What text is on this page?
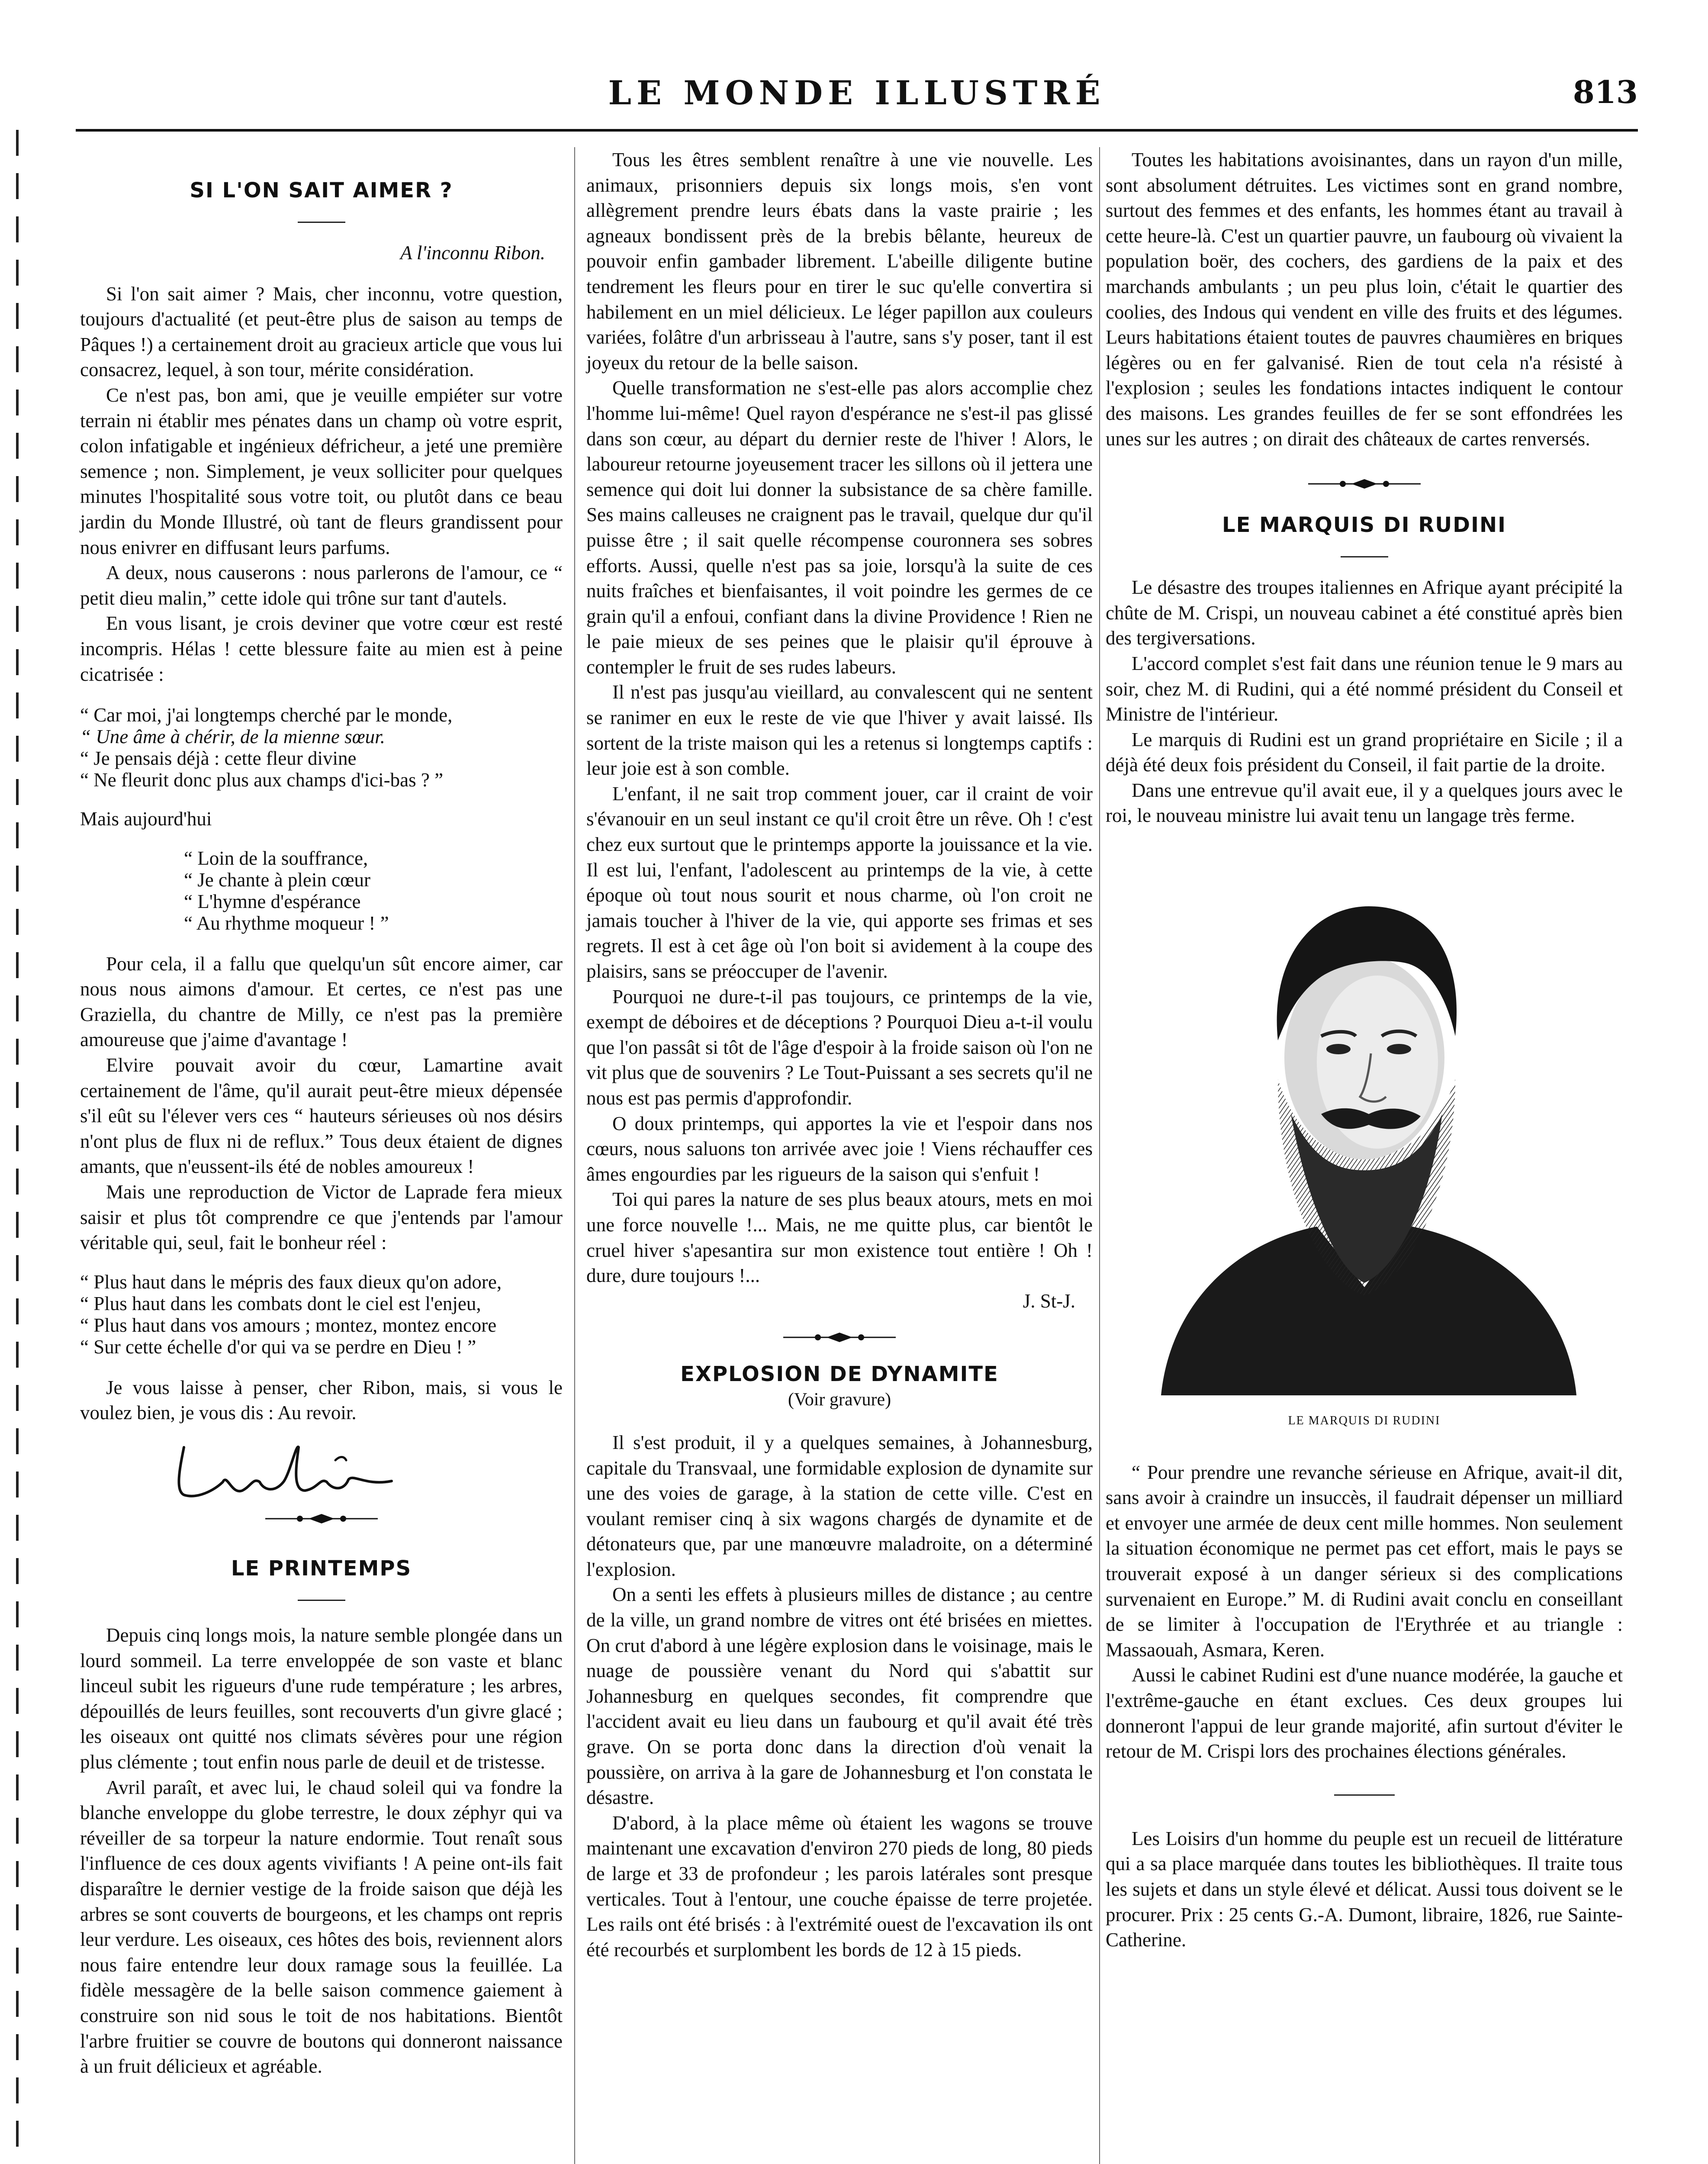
LE MONDE ILLUSTRÉ	813
SI L'ON SAIT AIMER ?
A l'inconnu Ribon.

Si l'on sait aimer ? Mais, cher inconnu, votre question, toujours d'actualité (et peut-être plus de saison au temps de Pâques !) a certainement droit au gracieux article que vous lui consacrez, lequel, à son tour, mérite considération.

Ce n'est pas, bon ami, que je veuille empiéter sur votre terrain ni établir mes pénates dans un champ où votre esprit, colon infatigable et ingénieux défricheur, a jeté une première semence ; non. Simplement, je veux solliciter pour quelques minutes l'hospitalité sous votre toit, ou plutôt dans ce beau jardin du Monde Illustré, où tant de fleurs grandissent pour nous enivrer en diffusant leurs parfums.

A deux, nous causerons : nous parlerons de l'amour, ce “ petit dieu malin,” cette idole qui trône sur tant d'autels.

En vous lisant, je crois deviner que votre cœur est resté incompris. Hélas ! cette blessure faite au mien est à peine cicatrisée :

“ Car moi, j'ai longtemps cherché par le monde,

“ Une âme à chérir, de la mienne sœur.

“ Je pensais déjà : cette fleur divine

“ Ne fleurit donc plus aux champs d'ici-bas ? ”

Mais aujourd'hui

“ Loin de la souffrance,

“ Je chante à plein cœur

“ L'hymne d'espérance

“ Au rhythme moqueur ! ”

Pour cela, il a fallu que quelqu'un sût encore aimer, car nous nous aimons d'amour. Et certes, ce n'est pas une Graziella, du chantre de Milly, ce n'est pas la première amoureuse que j'aime d'avantage !

Elvire pouvait avoir du cœur, Lamartine avait certainement de l'âme, qu'il aurait peut-être mieux dépensée s'il eût su l'élever vers ces “ hauteurs sérieuses où nos désirs n'ont plus de flux ni de reflux.” Tous deux étaient de dignes amants, que n'eussent-ils été de nobles amoureux !

Mais une reproduction de Victor de Laprade fera mieux saisir et plus tôt comprendre ce que j'entends par l'amour véritable qui, seul, fait le bonheur réel :

“ Plus haut dans le mépris des faux dieux qu'on adore,

“ Plus haut dans les combats dont le ciel est l'enjeu,

“ Plus haut dans vos amours ; montez, montez encore

“ Sur cette échelle d'or qui va se perdre en Dieu ! ”

Je vous laisse à penser, cher Ribon, mais, si vous le voulez bien, je vous dis : Au revoir.

LE PRINTEMPS

Depuis cinq longs mois, la nature semble plongée dans un lourd sommeil. La terre enveloppée de son vaste et blanc linceul subit les rigueurs d'une rude température ; les arbres, dépouillés de leurs feuilles, sont recouverts d'un givre glacé ; les oiseaux ont quitté nos climats sévères pour une région plus clémente ; tout enfin nous parle de deuil et de tristesse.

Avril paraît, et avec lui, le chaud soleil qui va fondre la blanche enveloppe du globe terrestre, le doux zéphyr qui va réveiller de sa torpeur la nature endormie. Tout renaît sous l'influence de ces doux agents vivifiants ! A peine ont-ils fait disparaître le dernier vestige de la froide saison que déjà les arbres se sont couverts de bourgeons, et les champs ont repris leur verdure. Les oiseaux, ces hôtes des bois, reviennent alors nous faire entendre leur doux ramage sous la feuillée. La fidèle messagère de la belle saison commence gaiement à construire son nid sous le toit de nos habitations. Bientôt l'arbre fruitier se couvre de boutons qui donneront naissance à un fruit délicieux et agréable.

Tous les êtres semblent renaître à une vie nouvelle. Les animaux, prisonniers depuis six longs mois, s'en vont allègrement prendre leurs ébats dans la vaste prairie ; les agneaux bondissent près de la brebis bêlante, heureux de pouvoir enfin gambader librement. L'abeille diligente butine tendrement les fleurs pour en tirer le suc qu'elle convertira si habilement en un miel délicieux. Le léger papillon aux couleurs variées, folâtre d'un arbrisseau à l'autre, sans s'y poser, tant il est joyeux du retour de la belle saison.

Quelle transformation ne s'est-elle pas alors accomplie chez l'homme lui-même! Quel rayon d'espérance ne s'est-il pas glissé dans son cœur, au départ du dernier reste de l'hiver ! Alors, le laboureur retourne joyeusement tracer les sillons où il jettera une semence qui doit lui donner la subsistance de sa chère famille. Ses mains calleuses ne craignent pas le travail, quelque dur qu'il puisse être ; il sait quelle récompense couronnera ses sobres efforts. Aussi, quelle n'est pas sa joie, lorsqu'à la suite de ces nuits fraîches et bienfaisantes, il voit poindre les germes de ce grain qu'il a enfoui, confiant dans la divine Providence ! Rien ne le paie mieux de ses peines que le plaisir qu'il éprouve à contempler le fruit de ses rudes labeurs.

Il n'est pas jusqu'au vieillard, au convalescent qui ne sentent se ranimer en eux le reste de vie que l'hiver y avait laissé. Ils sortent de la triste maison qui les a retenus si longtemps captifs : leur joie est à son comble.

L'enfant, il ne sait trop comment jouer, car il craint de voir s'évanouir en un seul instant ce qu'il croit être un rêve. Oh ! c'est chez eux surtout que le printemps apporte la jouissance et la vie. Il est lui, l'enfant, l'adolescent au printemps de la vie, à cette époque où tout nous sourit et nous charme, où l'on croit ne jamais toucher à l'hiver de la vie, qui apporte ses frimas et ses regrets. Il est à cet âge où l'on boit si avidement à la coupe des plaisirs, sans se préoccuper de l'avenir.

Pourquoi ne dure-t-il pas toujours, ce printemps de la vie, exempt de déboires et de déceptions ? Pourquoi Dieu a-t-il voulu que l'on passât si tôt de l'âge d'espoir à la froide saison où l'on ne vit plus que de souvenirs ? Le Tout-Puissant a ses secrets qu'il ne nous est pas permis d'approfondir.

O doux printemps, qui apportes la vie et l'espoir dans nos cœurs, nous saluons ton arrivée avec joie ! Viens réchauffer ces âmes engourdies par les rigueurs de la saison qui s'enfuit !

Toi qui pares la nature de ses plus beaux atours, mets en moi une force nouvelle !... Mais, ne me quitte plus, car bientôt le cruel hiver s'apesantira sur mon existence tout entière ! Oh ! dure, dure toujours !...

J. St-J.

EXPLOSION DE DYNAMITE
(Voir gravure)

Il s'est produit, il y a quelques semaines, à Johannesburg, capitale du Transvaal, une formidable explosion de dynamite sur une des voies de garage, à la station de cette ville. C'est en voulant remiser cinq à six wagons chargés de dynamite et de détonateurs que, par une manœuvre maladroite, on a déterminé l'explosion.

On a senti les effets à plusieurs milles de distance ; au centre de la ville, un grand nombre de vitres ont été brisées en miettes. On crut d'abord à une légère explosion dans le voisinage, mais le nuage de poussière venant du Nord qui s'abattit sur Johannesburg en quelques secondes, fit comprendre que l'accident avait eu lieu dans un faubourg et qu'il avait été très grave. On se porta donc dans la direction d'où venait la poussière, on arriva à la gare de Johannesburg et l'on constata le désastre.

D'abord, à la place même où étaient les wagons se trouve maintenant une excavation d'environ 270 pieds de long, 80 pieds de large et 33 de profondeur ; les parois latérales sont presque verticales. Tout à l'entour, une couche épaisse de terre projetée. Les rails ont été brisés : à l'extrémité ouest de l'excavation ils ont été recourbés et surplombent les bords de 12 à 15 pieds.

Toutes les habitations avoisinantes, dans un rayon d'un mille, sont absolument détruites. Les victimes sont en grand nombre, surtout des femmes et des enfants, les hommes étant au travail à cette heure-là. C'est un quartier pauvre, un faubourg où vivaient la population boër, des cochers, des gardiens de la paix et des marchands ambulants ; un peu plus loin, c'était le quartier des coolies, des Indous qui vendent en ville des fruits et des légumes. Leurs habitations étaient toutes de pauvres chaumières en briques légères ou en fer galvanisé. Rien de tout cela n'a résisté à l'explosion ; seules les fondations intactes indiquent le contour des maisons. Les grandes feuilles de fer se sont effondrées les unes sur les autres ; on dirait des châteaux de cartes renversés.

LE MARQUIS DI RUDINI

Le désastre des troupes italiennes en Afrique ayant précipité la chûte de M. Crispi, un nouveau cabinet a été constitué après bien des tergiversations.

L'accord complet s'est fait dans une réunion tenue le 9 mars au soir, chez M. di Rudini, qui a été nommé président du Conseil et Ministre de l'intérieur.

Le marquis di Rudini est un grand propriétaire en Sicile ; il a déjà été deux fois président du Conseil, il fait partie de la droite.

Dans une entrevue qu'il avait eue, il y a quelques jours avec le roi, le nouveau ministre lui avait tenu un langage très ferme.

LE MARQUIS DI RUDINI

“ Pour prendre une revanche sérieuse en Afrique, avait-il dit, sans avoir à craindre un insuccès, il faudrait dépenser un milliard et envoyer une armée de deux cent mille hommes. Non seulement la situation économique ne permet pas cet effort, mais le pays se trouverait exposé à un danger sérieux si des complications survenaient en Europe.” M. di Rudini avait conclu en conseillant de se limiter à l'occupation de l'Erythrée et au triangle : Massaouah, Asmara, Keren.

Aussi le cabinet Rudini est d'une nuance modérée, la gauche et l'extrême-gauche en étant exclues. Ces deux groupes lui donneront l'appui de leur grande majorité, afin surtout d'éviter le retour de M. Crispi lors des prochaines élections générales.

Les Loisirs d'un homme du peuple est un recueil de littérature qui a sa place marquée dans toutes les bibliothèques. Il traite tous les sujets et dans un style élevé et délicat. Aussi tous doivent se le procurer. Prix : 25 cents G.-A. Dumont, libraire, 1826, rue Sainte-Catherine.
